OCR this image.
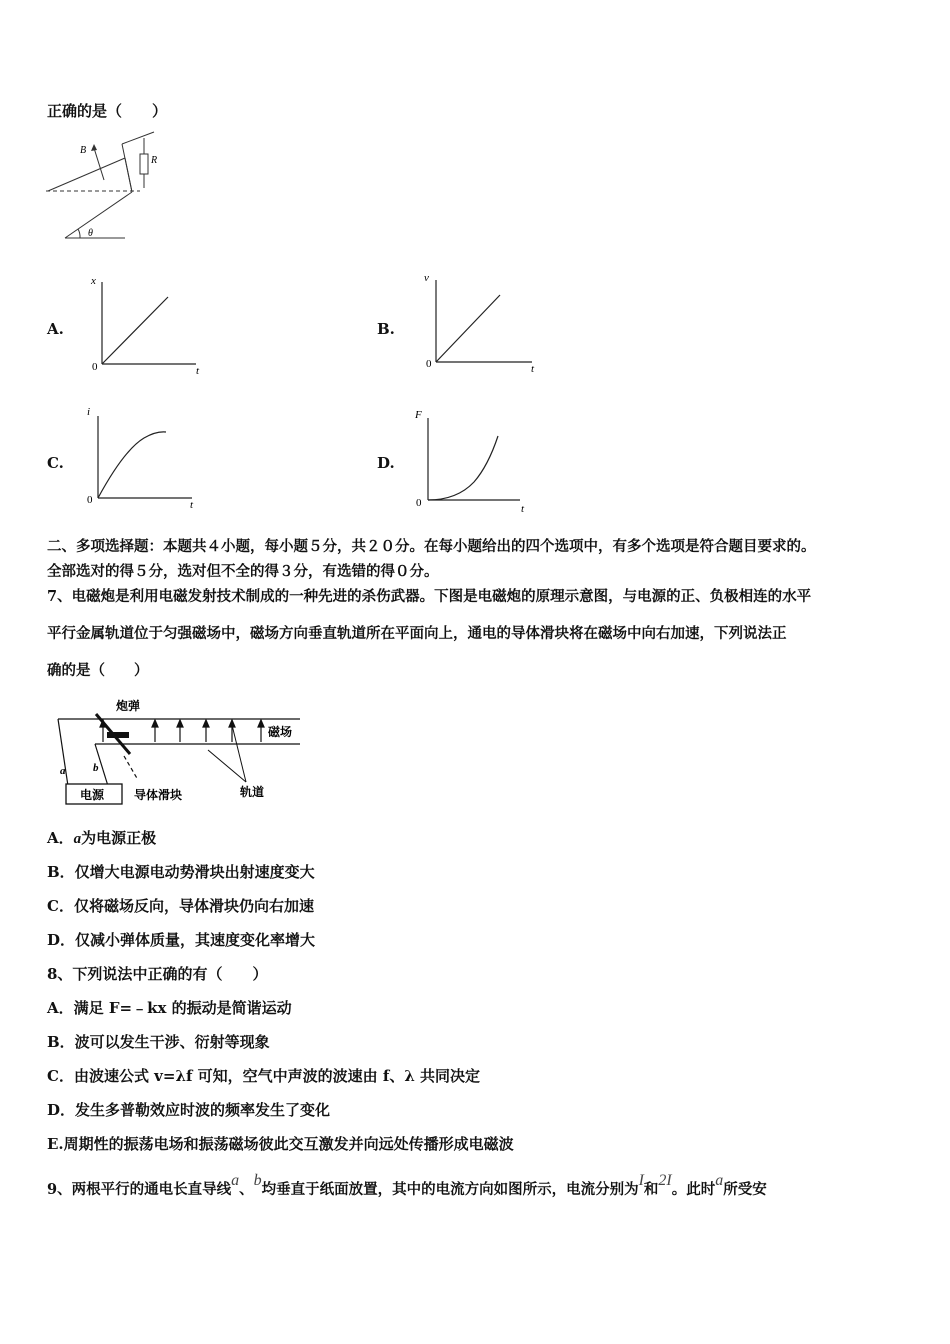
正确的是（　　）
B
R
θ
A.
x
t
0
B.
v
t
0
C.
i
t
0
D.
F
t
0
二、多项选择题：本题共４小题，每小题５分，共２０分。在每小题给出的四个选项中，有多个选项是符合题目要求的。
全部选对的得５分，选对但不全的得３分，有选错的得０分。
7、电磁炮是利用电磁发射技术制成的一种先进的杀伤武器。下图是电磁炮的原理示意图，与电源的正、负极相连的水平
平行金属轨道位于匀强磁场中，磁场方向垂直轨道所在平面向上，通电的导体滑块将在磁场中向右加速，下列说法正
确的是（　　）
电源 导体滑块
a	b
炮弹
磁场
轨道
A．a为电源正极
B．仅增大电源电动势滑块出射速度变大
C．仅将磁场反向，导体滑块仍向右加速
D．仅减小弹体质量，其速度变化率增大
8、下列说法中正确的有（　　）
A．满足 F=﹣kx 的振动是简谐运动
B．波可以发生干涉、衍射等现象
C．由波速公式 v=λf 可知，空气中声波的波速由 f、λ 共同决定
D．发生多普勒效应时波的频率发生了变化
E.周期性的振荡电场和振荡磁场彼此交互激发并向远处传播形成电磁波
9、两根平行的通电长直导线a、b均垂直于纸面放置，其中的电流方向如图所示，电流分别为I和2I。此时a所受安
